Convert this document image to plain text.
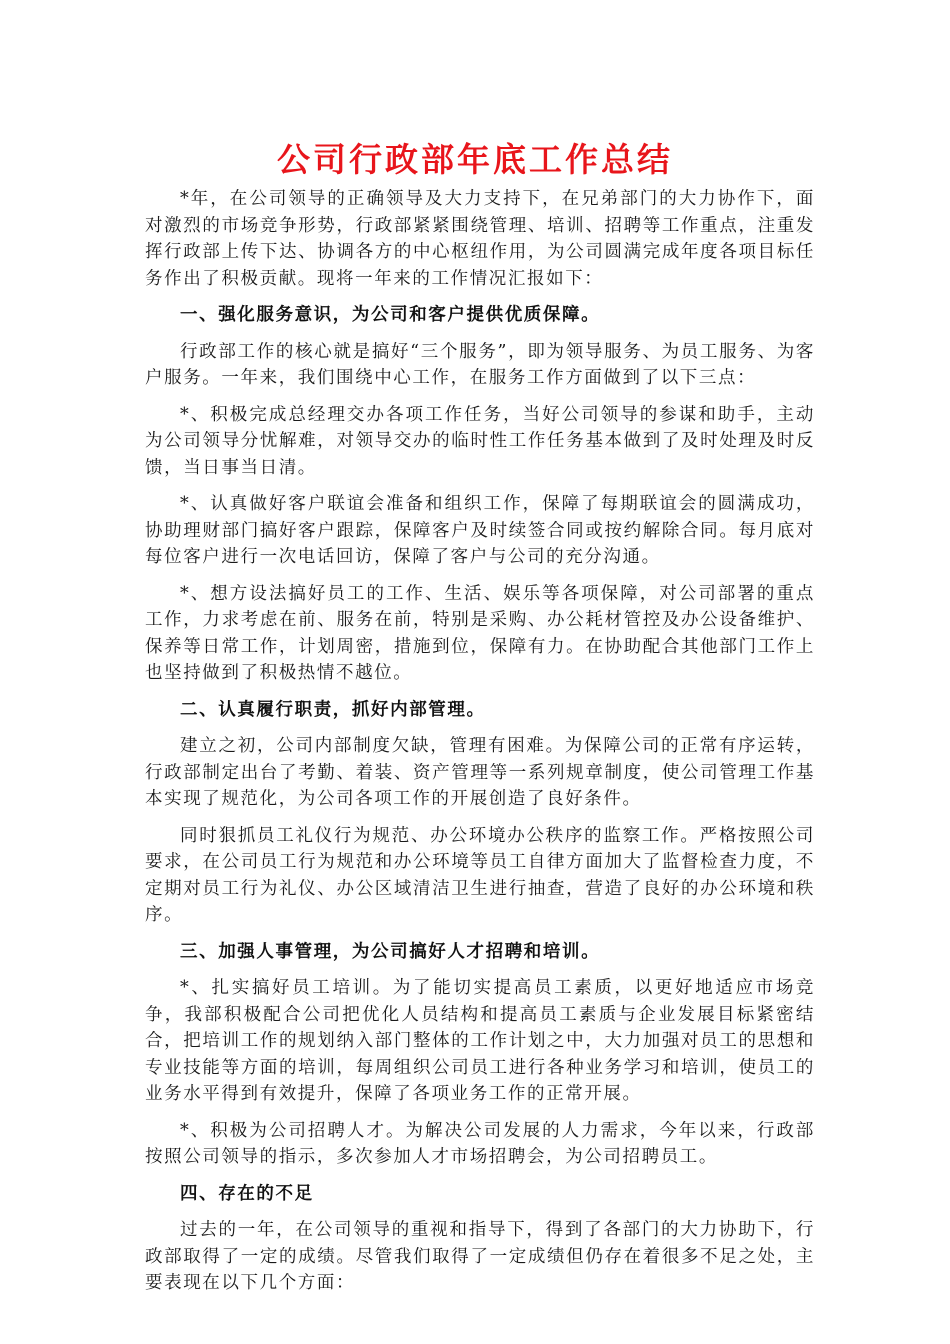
公司行政部年底工作总结

*年，在公司领导的正确领导及大力支持下，在兄弟部门的大力协作下，面对激烈的市场竞争形势，行政部紧紧围绕管理、培训、招聘等工作重点，注重发挥行政部上传下达、协调各方的中心枢纽作用，为公司圆满完成年度各项目标任务作出了积极贡献。现将一年来的工作情况汇报如下：

一、强化服务意识，为公司和客户提供优质保障。

行政部工作的核心就是搞好“三个服务”，即为领导服务、为员工服务、为客户服务。一年来，我们围绕中心工作，在服务工作方面做到了以下三点：

*、积极完成总经理交办各项工作任务，当好公司领导的参谋和助手，主动为公司领导分忧解难，对领导交办的临时性工作任务基本做到了及时处理及时反馈，当日事当日清。

*、认真做好客户联谊会准备和组织工作，保障了每期联谊会的圆满成功，协助理财部门搞好客户跟踪，保障客户及时续签合同或按约解除合同。每月底对每位客户进行一次电话回访，保障了客户与公司的充分沟通。

*、想方设法搞好员工的工作、生活、娱乐等各项保障，对公司部署的重点工作，力求考虑在前、服务在前，特别是采购、办公耗材管控及办公设备维护、保养等日常工作，计划周密，措施到位，保障有力。在协助配合其他部门工作上也坚持做到了积极热情不越位。

二、认真履行职责，抓好内部管理。

建立之初，公司内部制度欠缺，管理有困难。为保障公司的正常有序运转，行政部制定出台了考勤、着装、资产管理等一系列规章制度，使公司管理工作基本实现了规范化，为公司各项工作的开展创造了良好条件。

同时狠抓员工礼仪行为规范、办公环境办公秩序的监察工作。严格按照公司要求，在公司员工行为规范和办公环境等员工自律方面加大了监督检查力度，不定期对员工行为礼仪、办公区域清洁卫生进行抽查，营造了良好的办公环境和秩序。

三、加强人事管理，为公司搞好人才招聘和培训。

*、扎实搞好员工培训。为了能切实提高员工素质，以更好地适应市场竞争，我部积极配合公司把优化人员结构和提高员工素质与企业发展目标紧密结合，把培训工作的规划纳入部门整体的工作计划之中，大力加强对员工的思想和专业技能等方面的培训，每周组织公司员工进行各种业务学习和培训，使员工的业务水平得到有效提升，保障了各项业务工作的正常开展。

*、积极为公司招聘人才。为解决公司发展的人力需求，今年以来，行政部按照公司领导的指示，多次参加人才市场招聘会，为公司招聘员工。

四、存在的不足

过去的一年，在公司领导的重视和指导下，得到了各部门的大力协助下，行政部取得了一定的成绩。尽管我们取得了一定成绩但仍存在着很多不足之处，主要表现在以下几个方面：
